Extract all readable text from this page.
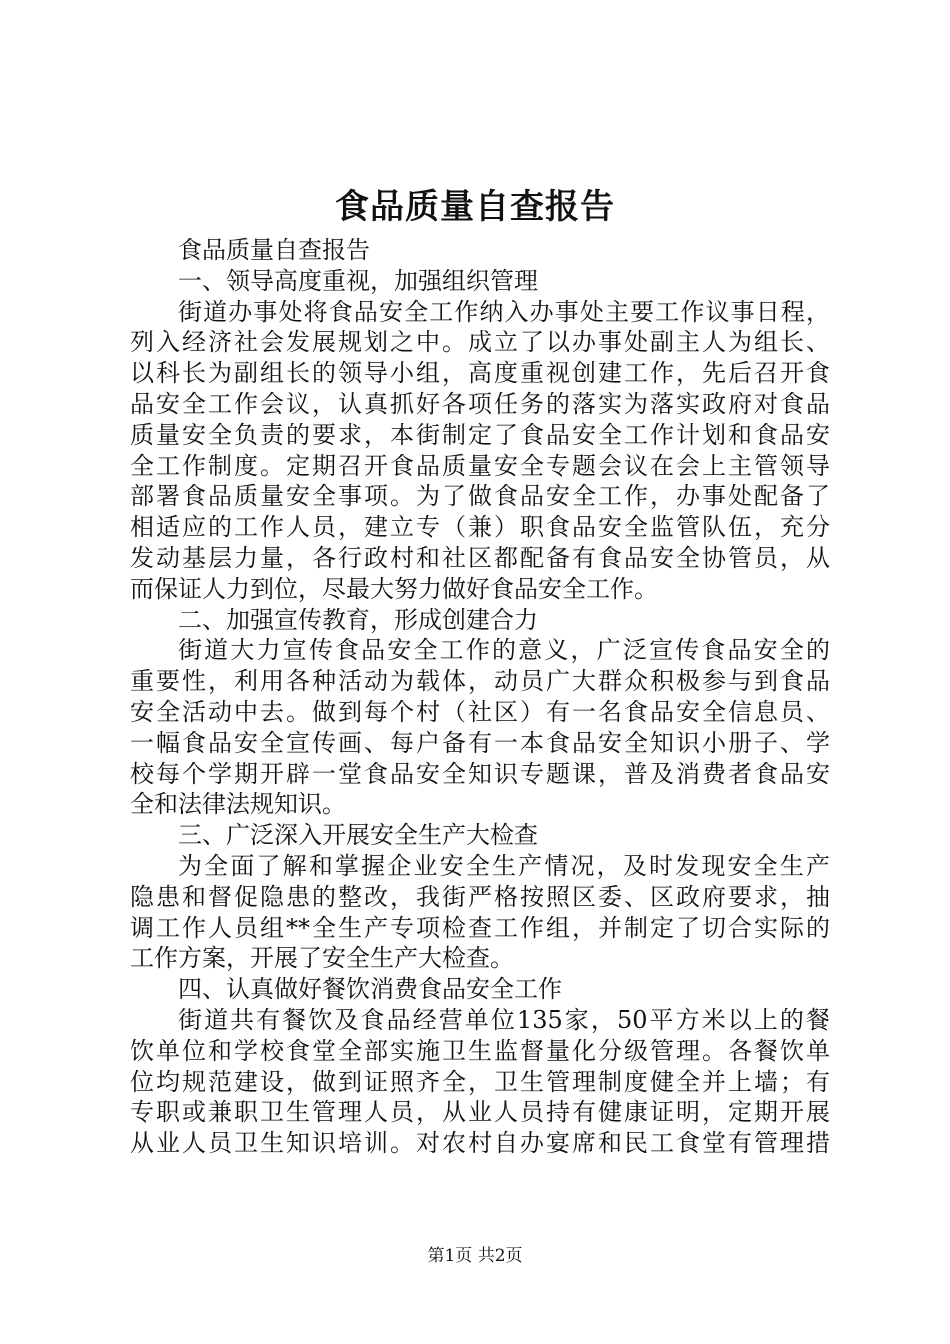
食品质量自查报告
食品质量自查报告
一、领导高度重视，加强组织管理
街道办事处将食品安全工作纳入办事处主要工作议事日程，
列入经济社会发展规划之中。成立了以办事处副主人为组长、
以科长为副组长的领导小组，高度重视创建工作，先后召开食
品安全工作会议，认真抓好各项任务的落实为落实政府对食品
质量安全负责的要求，本街制定了食品安全工作计划和食品安
全工作制度。定期召开食品质量安全专题会议在会上主管领导
部署食品质量安全事项。为了做食品安全工作，办事处配备了
相适应的工作人员，建立专（兼）职食品安全监管队伍，充分
发动基层力量，各行政村和社区都配备有食品安全协管员，从
而保证人力到位，尽最大努力做好食品安全工作。
二、加强宣传教育，形成创建合力
街道大力宣传食品安全工作的意义，广泛宣传食品安全的
重要性，利用各种活动为载体，动员广大群众积极参与到食品
安全活动中去。做到每个村（社区）有一名食品安全信息员、
一幅食品安全宣传画、每户备有一本食品安全知识小册子、学
校每个学期开辟一堂食品安全知识专题课，普及消费者食品安
全和法律法规知识。
三、广泛深入开展安全生产大检查
为全面了解和掌握企业安全生产情况，及时发现安全生产
隐患和督促隐患的整改，我街严格按照区委、区政府要求，抽
调工作人员组**全生产专项检查工作组，并制定了切合实际的
工作方案，开展了安全生产大检查。
四、认真做好餐饮消费食品安全工作
街道共有餐饮及食品经营单位135家，50平方米以上的餐
饮单位和学校食堂全部实施卫生监督量化分级管理。各餐饮单
位均规范建设，做到证照齐全，卫生管理制度健全并上墙；有
专职或兼职卫生管理人员，从业人员持有健康证明，定期开展
从业人员卫生知识培训。对农村自办宴席和民工食堂有管理措
第1页 共2页
